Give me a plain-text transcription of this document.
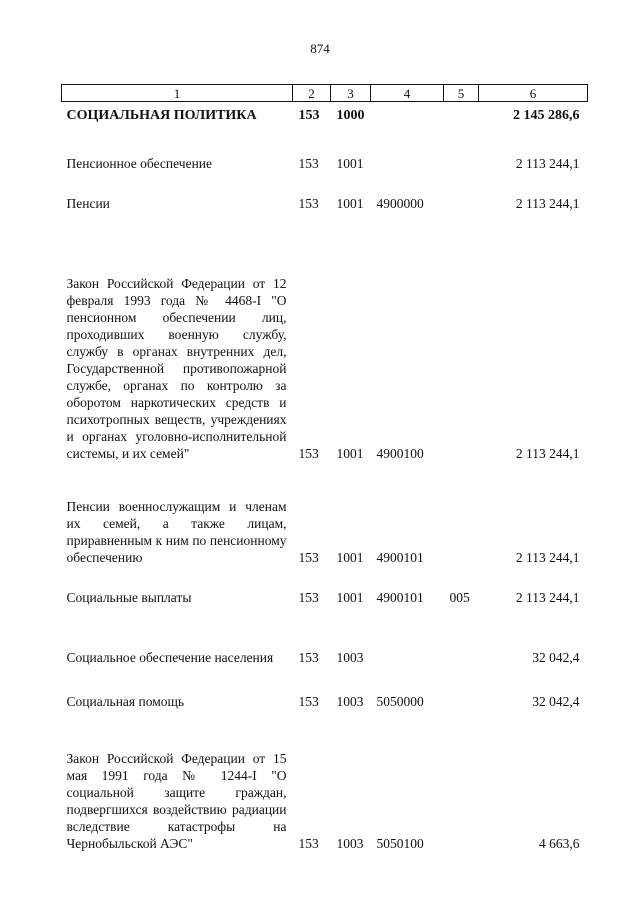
874
1	2	3	4	5	6
СОЦИАЛЬНАЯ ПОЛИТИКА	153	1000			2 145 286,6
Пенсионное обеспечение	153	1001			2 113 244,1
Пенсии	153	1001	4900000		2 113 244,1

Закон Российской Федерации от 12 февраля 1993 года № 4468-I "О пенсионном обеспечении лиц, проходивших военную службу, службу в органах внутренних дел, Государственной противопожарной службе, органах по контролю за оборотом наркотических средств и психотропных веществ, учреждениях и органах уголовно-исполнительной системы, и их семей"	153	1001	4900100		2 113 244,1

Пенсии военнослужащим и членам их семей, а также лицам, приравненным к ним по пенсионному обеспечению	153	1001	4900101		2 113 244,1
Социальные выплаты	153	1001	4900101	005	2 113 244,1

Социальное обеспечение населения	153	1003			32 042,4
Социальная помощь	153	1003	5050000		32 042,4

Закон Российской Федерации от 15 мая 1991 года № 1244-I "О социальной защите граждан, подвергшихся воздействию радиации вследствие катастрофы на Чернобыльской АЭС"	153	1003	5050100		4 663,6
